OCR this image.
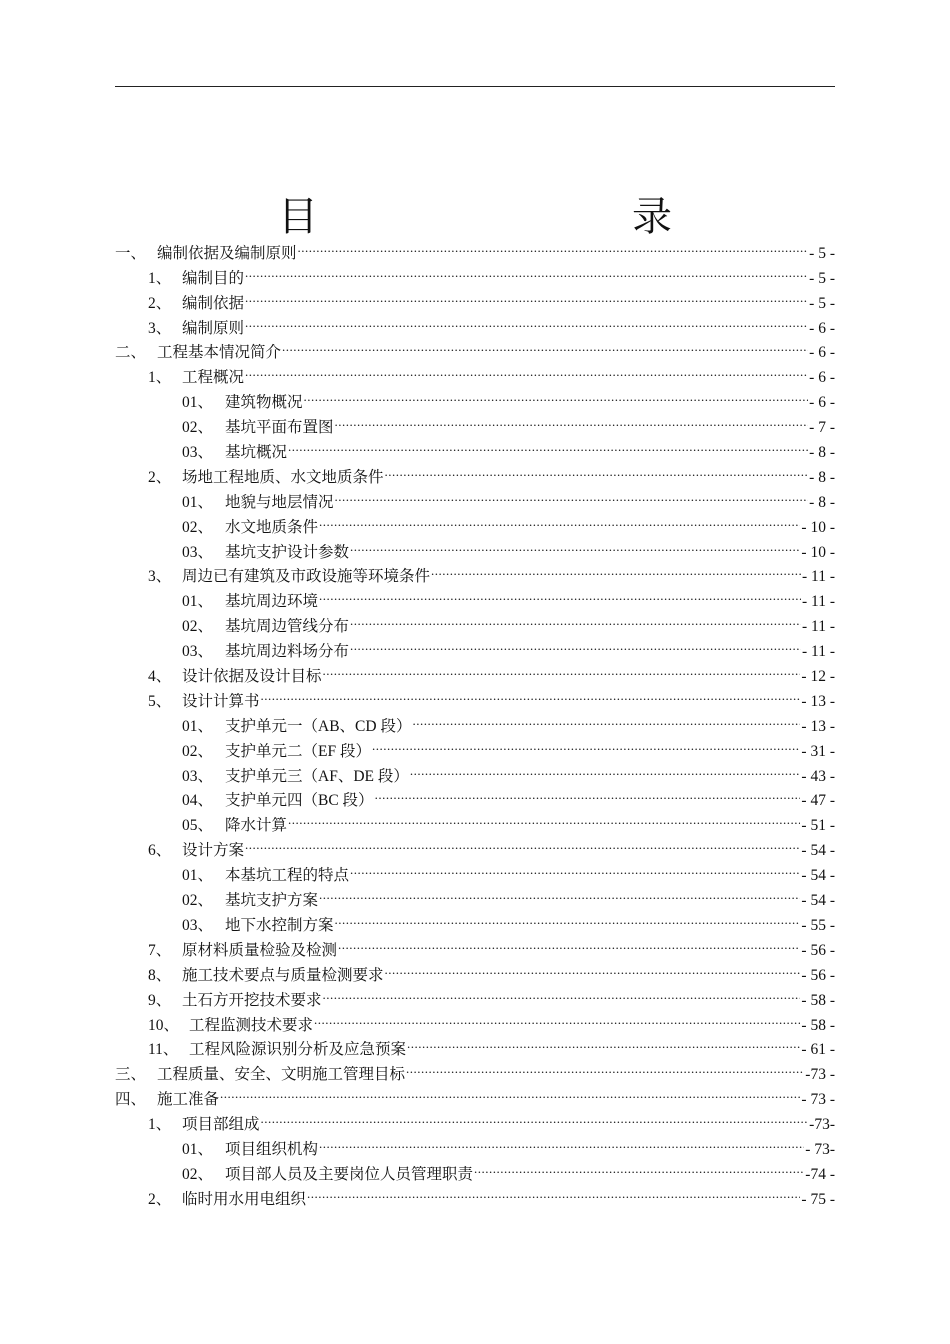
目　　录
一、 编制依据及编制原则 .....	- 5 -
1、 编制目的 .....	- 5 -
2、 编制依据 .....	- 5 -
3、 编制原则 .....	- 6 -
二、 工程基本情况简介 .....	- 6 -
1、 工程概况 .....	- 6 -
01、 建筑物概况 .....	- 6 -
02、 基坑平面布置图 .....	- 7 -
03、 基坑概况 .....	- 8 -
2、 场地工程地质、水文地质条件 .....	- 8 -
01、 地貌与地层情况 .....	- 8 -
02、 水文地质条件 .....	- 10 -
03、 基坑支护设计参数 .....	- 10 -
3、 周边已有建筑及市政设施等环境条件 .....	- 11 -
01、 基坑周边环境 .....	- 11 -
02、 基坑周边管线分布 .....	- 11 -
03、 基坑周边料场分布 .....	- 11 -
4、 设计依据及设计目标 .....	- 12 -
5、 设计计算书 .....	- 13 -
01、 支护单元一（AB、CD 段） .....	- 13 -
02、 支护单元二（EF 段） .....	- 31 -
03、 支护单元三（AF、DE 段） .....	- 43 -
04、 支护单元四（BC 段） .....	- 47 -
05、 降水计算 .....	- 51 -
6、 设计方案 .....	- 54 -
01、 本基坑工程的特点 .....	- 54 -
02、 基坑支护方案 .....	- 54 -
03、 地下水控制方案 .....	- 55 -
7、 原材料质量检验及检测 .....	- 56 -
8、 施工技术要点与质量检测要求 .....	- 56 -
9、 土石方开挖技术要求 .....	- 58 -
10、 工程监测技术要求 .....	- 58 -
11、 工程风险源识别分析及应急预案 .....	- 61 -
三、 工程质量、安全、文明施工管理目标 .....	-73 -
四、 施工准备 .....	- 73 -
1、 项目部组成 .....	-73-
01、 项目组织机构 .....	- 73-
02、 项目部人员及主要岗位人员管理职责 .....	-74 -
2、 临时用水用电组织 .....	- 75 -
